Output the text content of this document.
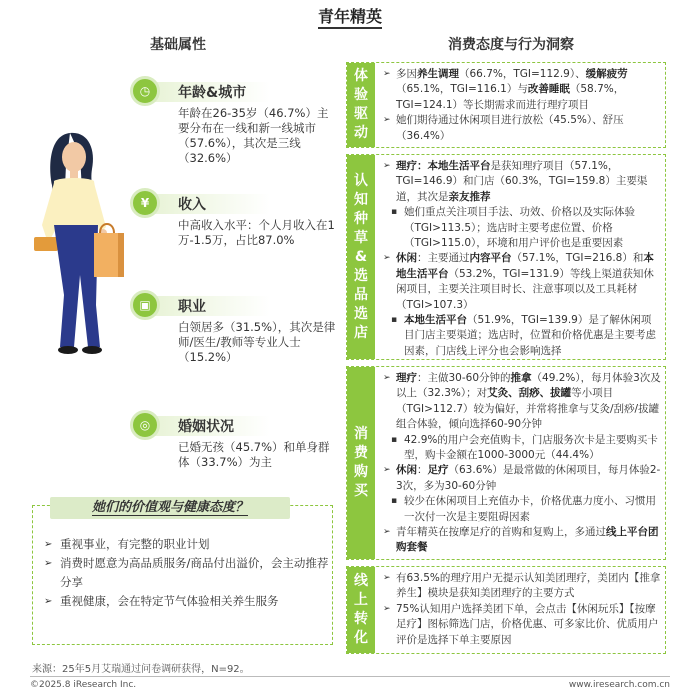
青年精英
基础属性	消费态度与行为洞察
◷	年龄&城市
年龄在26-35岁（46.7%）主要分布在一线和新一线城市（57.6%），其次是三线（32.6%）
¥	收入
中高收入水平：个人月收入在1万-1.5万，占比87.0%
▣	职业
白领居多（31.5%），其次是律师/医生/教师等专业人士（15.2%）
◎	婚姻状况
已婚无孩（45.7%）和单身群体（33.7%）为主
她们的价值观与健康态度？
➢ 重视事业，有完整的职业计划
➢ 消费时愿意为高品质服务/商品付出溢价，会主动推荐分享
➢ 重视健康，会在特定节气体验相关养生服务
体
验
驱
动
➢ 多因养生调理（66.7%，TGI=112.9）、缓解疲劳（65.1%，TGI=116.1）与改善睡眠（58.7%，TGI=124.1）等长期需求而进行理疗项目
➢ 她们期待通过休闲项目进行放松（45.5%）、舒压（36.4%）
认
知
种
草
&
选
品
选
店
➢ 理疗：本地生活平台是获知理疗项目（57.1%，TGI=146.9）和门店（60.3%，TGI=159.8）主要渠道，其次是亲友推荐
▪ 她们重点关注项目手法、功效、价格以及实际体验（TGI>113.5）；选店时主要考虑位置、价格（TGI>115.0），环境和用户评价也是重要因素
➢ 休闲：主要通过内容平台（57.1%，TGI=216.8）和本地生活平台（53.2%，TGI=131.9）等线上渠道获知休闲项目，主要关注项目时长、注意事项以及工具耗材（TGI>107.3）
▪ 本地生活平台（51.9%，TGI=139.9）是了解休闲项目门店主要渠道；选店时，位置和价格优惠是主要考虑因素，门店线上评分也会影响选择
消
费
购
买
➢ 理疗：主做30-60分钟的推拿（49.2%），每月体验3次及以上（32.3%）；对艾灸、刮痧、拔罐等小项目（TGI>112.7）较为偏好，并常将推拿与艾灸/刮痧/拔罐组合体验，倾向选择60-90分钟
▪ 42.9%的用户会充值购卡，门店服务次卡是主要购买卡型，购卡金额在1000-3000元（44.4%）
➢ 休闲：足疗（63.6%）是最常做的休闲项目，每月体验2-3次，多为30-60分钟
▪ 较少在休闲项目上充值办卡，价格优惠力度小、习惯用一次付一次是主要阻碍因素
➢ 青年精英在按摩足疗的首购和复购上，多通过线上平台团购套餐
线
上
转
化
➢ 有63.5%的理疗用户无提示认知美团理疗，美团内【推拿养生】模块是获知美团理疗的主要方式
➢ 75%认知用户选择美团下单，会点击【休闲玩乐】【按摩足疗】图标筛选门店，价格优惠、可多家比价、优质用户评价是选择下单主要原因
来源：25年5月艾瑞通过问卷调研获得，N=92。
©2025.8 iResearch Inc.	www.iresearch.com.cn
